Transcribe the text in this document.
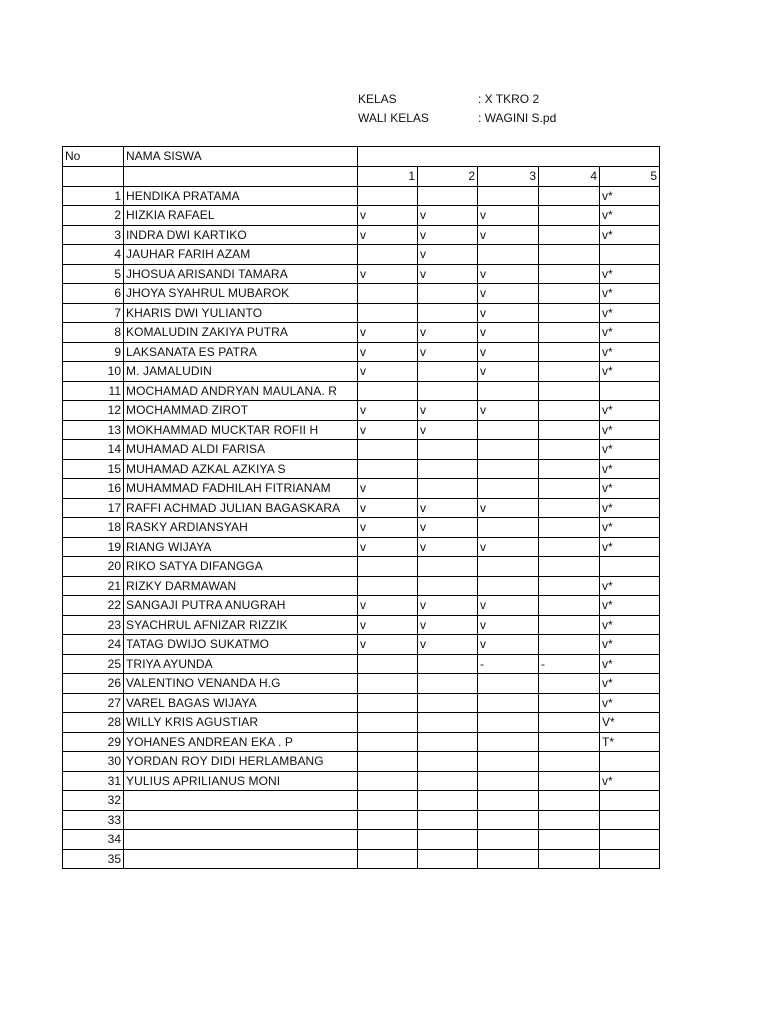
KELAS	: X TKRO 2
WALI KELAS	: WAGINI S.pd
No	NAMA SISWA					
		1	2	3	4	5
1	HENDIKA PRATAMA					v*
2	HIZKIA RAFAEL	v	v	v		v*
3	INDRA DWI KARTIKO	v	v	v		v*
4	JAUHAR FARIH AZAM		v			
5	JHOSUA ARISANDI TAMARA	v	v	v		v*
6	JHOYA SYAHRUL MUBAROK			v		v*
7	KHARIS DWI YULIANTO			v		v*
8	KOMALUDIN ZAKIYA PUTRA	v	v	v		v*
9	LAKSANATA ES PATRA	v	v	v		v*
10	M. JAMALUDIN	v		v		v*
11	MOCHAMAD ANDRYAN MAULANA. R					
12	MOCHAMMAD ZIROT	v	v	v		v*
13	MOKHAMMAD MUCKTAR ROFII H	v	v			v*
14	MUHAMAD ALDI FARISA					v*
15	MUHAMAD AZKAL AZKIYA S					v*
16	MUHAMMAD FADHILAH FITRIANAM	v				v*
17	RAFFI ACHMAD JULIAN BAGASKARA	v	v	v		v*
18	RASKY ARDIANSYAH	v	v			v*
19	RIANG WIJAYA	v	v	v		v*
20	RIKO SATYA DIFANGGA					
21	RIZKY DARMAWAN					v*
22	SANGAJI PUTRA ANUGRAH	v	v	v		v*
23	SYACHRUL AFNIZAR RIZZIK	v	v	v		v*
24	TATAG DWIJO SUKATMO	v	v	v		v*
25	TRIYA AYUNDA			-	-	v*
26	VALENTINO VENANDA H.G					v*
27	VAREL BAGAS WIJAYA					v*
28	WILLY KRIS AGUSTIAR					V*
29	YOHANES ANDREAN EKA . P					T*
30	YORDAN ROY DIDI HERLAMBANG					
31	YULIUS APRILIANUS MONI					v*
32						
33						
34						
35						
